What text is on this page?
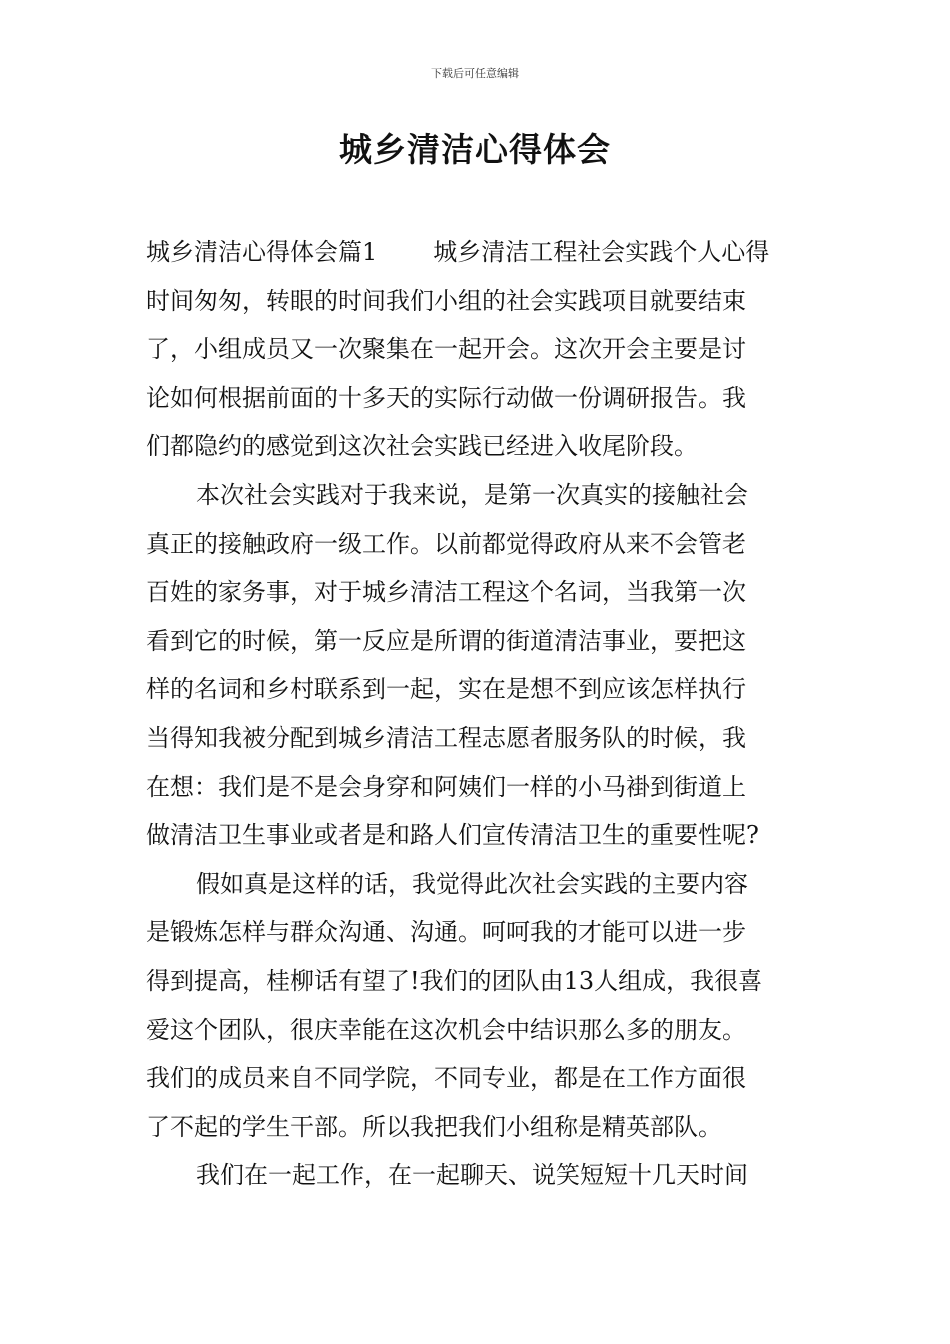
下载后可任意编辑
城乡清洁心得体会
城乡清洁心得体会篇1 城乡清洁工程社会实践个人心得
时间匆匆，转眼的时间我们小组的社会实践项目就要结束
了，小组成员又一次聚集在一起开会。这次开会主要是讨
论如何根据前面的十多天的实际行动做一份调研报告。我
们都隐约的感觉到这次社会实践已经进入收尾阶段。
本次社会实践对于我来说，是第一次真实的接触社会
真正的接触政府一级工作。以前都觉得政府从来不会管老
百姓的家务事，对于城乡清洁工程这个名词，当我第一次
看到它的时候，第一反应是所谓的街道清洁事业，要把这
样的名词和乡村联系到一起，实在是想不到应该怎样执行
当得知我被分配到城乡清洁工程志愿者服务队的时候，我
在想：我们是不是会身穿和阿姨们一样的小马褂到街道上
做清洁卫生事业或者是和路人们宣传清洁卫生的重要性呢?
假如真是这样的话，我觉得此次社会实践的主要内容
是锻炼怎样与群众沟通、沟通。呵呵我的才能可以进一步
得到提高，桂柳话有望了!我们的团队由13人组成，我很喜
爱这个团队，很庆幸能在这次机会中结识那么多的朋友。
我们的成员来自不同学院，不同专业，都是在工作方面很
了不起的学生干部。所以我把我们小组称是精英部队。
我们在一起工作，在一起聊天、说笑短短十几天时间
